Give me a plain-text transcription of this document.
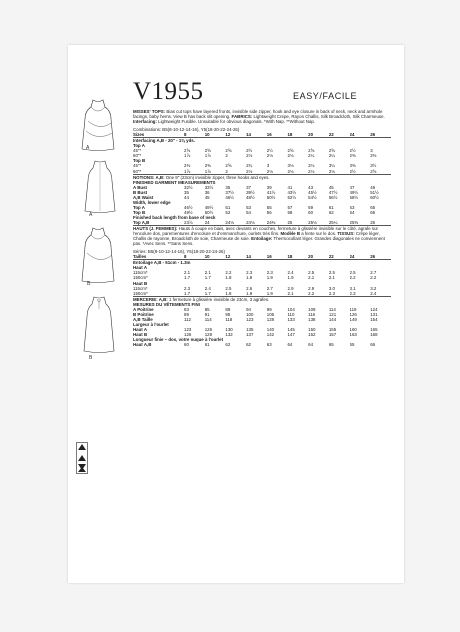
A
A
B
B
V1955	EASY/FACILE

MISSES' TOPS: Bias cut tops have layered fronts, invisible side zipper, hook and eye closure in back of neck, neck and armhole facings, baby hems. View B has back slit opening. FABRICS: Lightweight Crepe, Rayon Challis, Silk Broadcloth, Silk Charmeuse. Interfacing: Lightweight Fusible. Unsuitable for obvious diagonals. *With Nap. **Without Nap.

Combinations: B5(8-10-12-14-16), Y5(18-20-22-24-26)

Sizes	8	10	12	14	16	18	20	22	24	26
Interfacing A,B - 20" - 1⅜ yds.										
Top A										
45"*	2⅝	2⅝	2⅝	2½	2½	2⅝	2⅝	2⅝	2½	3
60"*	1⅞	1⅞	2	2⅛	2⅛	2⅛	2¼	2¼	2⅜	2⅜
Top B										
45"*	2⅜	2⅜	2⅝	2¾	3	3⅛	3⅛	3¼	3⅜	3½
60"*	1⅞	1⅞	2	2⅛	2⅛	2⅛	2⅛	2⅛	2½	2⅝
NOTIONS: A,B: One 9" (23cm) invisible zipper, three hooks and eyes.										
FINISHED GARMENT MEASUREMENTS										
A Bust	32½	33½	35	37	39	41	43	45	47	49
B Bust	35	36	37½	39½	41½	43½	45½	47½	49½	51½
A,B Waist	44	45	46½	48½	50½	52½	54½	56½	58½	60½
Width, lower edge										
Top A	46½	49½	51	53	55	57	59	61	63	65
Top B	49½	50½	52	54	56	58	60	62	64	66
Finished back length from base of neck										
Top A,B	23⅞	24	24⅛	24⅛	24⅜	25	25⅛	25¼	25⅜	26

HAUTS (J. FEMMES): Hauts à coupe en biais, avec devants en couches, fermeture à glissière invisible sur le côté, agrafe sur l'encolure dos, parementures d'encolure et d'emmanchure, ourlets très fins. Modèle B a fente sur le dos. TISSUS: Crêpe léger, Challis de rayonne, Broadcloth de soie, Charmeuse de soie. Entoilage: Thermocollant léger. Grandes diagonales ne conviennent pas. *Avec Sens. **Sans Sens.

Séries: B5(8-10-12-14-16), Y5(18-20-22-24-26)

Tailles	8	10	12	14	16	18	20	22	24	26
Entoilage A,B - 51cm - 1.3m										
Haut A										
115cm*	2.1	2.1	2.2	2.3	2.3	2.4	2.5	2.5	2.5	2.7
150cm*	1.7	1.7	1.8	1.8	1.9	1.9	2.1	2.1	2.2	2.2
Haut B										
115cm*	2.3	2.4	2.5	2.6	2.7	2.9	2.9	3.0	3.1	3.2
150cm*	1.7	1.7	1.8	1.9	1.9	2.1	2.2	2.3	2.3	2.4
MERCERIE: A,B: 1 fermeture à glissière invisible de 23cm, 3 agrafes.										
MESURES DU VÊTEMENTS FINI										
A Poitrine	83	85	89	94	99	104	109	114	119	124
B Poitrine	89	91	95	100	105	110	116	121	126	131
A,B Taille	112	114	118	123	128	133	138	144	149	154
Largeur à l'ourlet										
Haut A	123	126	130	135	140	145	150	155	160	165
Haut B	126	128	132	137	142	147	152	157	163	168
Longueur finie – dos, votre nuque à l'ourlet										
Haut A,B	60	61	62	62	63	64	64	65	65	66
